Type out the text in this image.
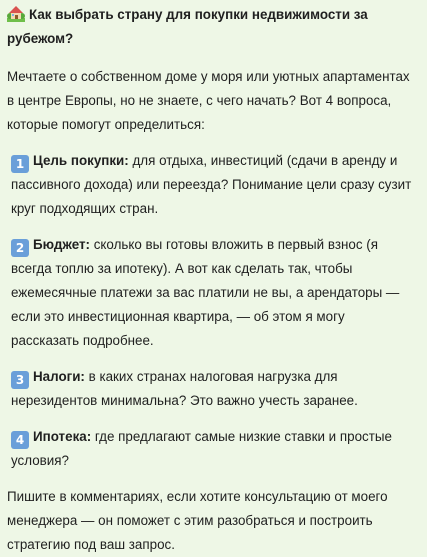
Как выбрать страну для покупки недвижимости за рубежом?

Мечтаете о собственном доме у моря или уютных апартаментах в центре Европы, но не знаете, с чего начать? Вот 4 вопроса, которые помогут определиться:

1 Цель покупки: для отдыха, инвестиций (сдачи в аренду и пассивного дохода) или переезда? Понимание цели сразу сузит круг подходящих стран.

2 Бюджет: сколько вы готовы вложить в первый взнос (я всегда топлю за ипотеку). А вот как сделать так, чтобы ежемесячные платежи за вас платили не вы, а арендаторы — если это инвестиционная квартира, — об этом я могу рассказать подробнее.

3 Налоги: в каких странах налоговая нагрузка для нерезидентов минимальна? Это важно учесть заранее.

4 Ипотека: где предлагают самые низкие ставки и простые условия?

Пишите в комментариях, если хотите консультацию от моего менеджера — он поможет с этим разобраться и построить стратегию под ваш запрос.
